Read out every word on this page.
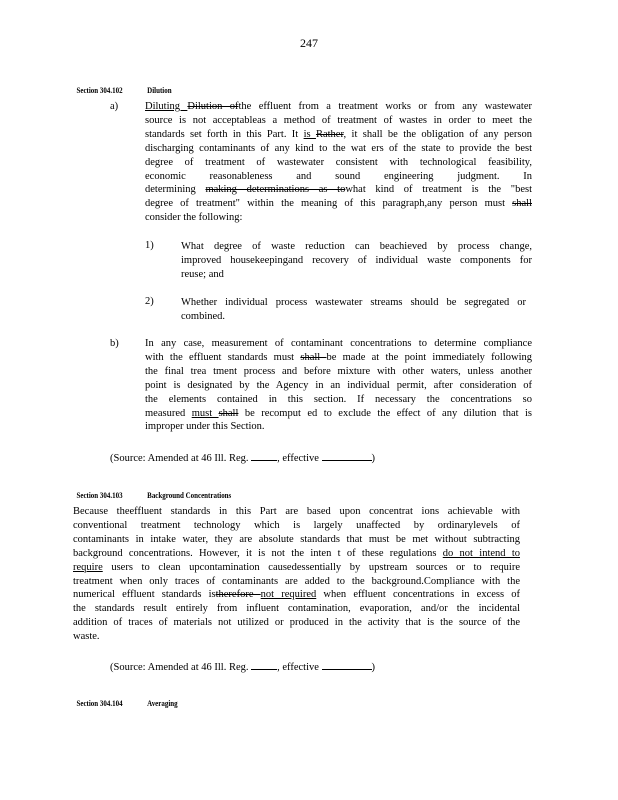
247

Section 304.102	Dilution

a)	Diluting Dilution ofthe effluent from a treatment works or from any wastewater
source is not acceptableas a method of treatment of wastes in order to meet the
standards set forth in this Part. It is Rather, it shall be the obligation of any person
discharging contaminants of any kind to the wat ers of the state to provide the best
degree of treatment of wastewater consistent with technological feasibility,
economic reasonableness and sound engineering judgment. In
determining making determinations as towhat kind of treatment is the "best
degree of treatment" within the meaning of this paragraph,any person must shall
consider the following:
1)	What degree of waste reduction can beachieved by process change,
improved housekeepingand recovery of individual waste components for
reuse; and
2)	Whether individual process wastewater streams should be segregated or
combined.
b)	In any case, measurement of contaminant concentrations to determine compliance
with the effluent standards must shall be made at the point immediately following
the final trea tment process and before mixture with other waters, unless another
point is designated by the Agency in an individual permit, after consideration of
the elements contained in this section. If necessary the concentrations so
measured must shall be recomput ed to exclude the effect of any dilution that is
improper under this Section.
(Source: Amended at 46 Ill. Reg.	, effective	)

Section 304.103	Background Concentrations

Because theeffluent standards in this Part are based upon concentrat ions achievable with
conventional treatment technology which is largely unaffected by ordinarylevels of
contaminants in intake water, they are absolute standards that must be met without subtracting
background concentrations. However, it is not the inten t of these regulations do not intend to
require users to clean upcontamination causedessentially by upstream sources or to require
treatment when only traces of contaminants are added to the background.Compliance with the
numerical effluent standards istherefore not required when effluent concentrations in excess of
the standards result entirely from influent contamination, evaporation, and/or the incidental
addition of traces of materials not utilized or produced in the activity that is the source of the
waste.
(Source: Amended at 46 Ill. Reg.	, effective	)

Section 304.104	Averaging
